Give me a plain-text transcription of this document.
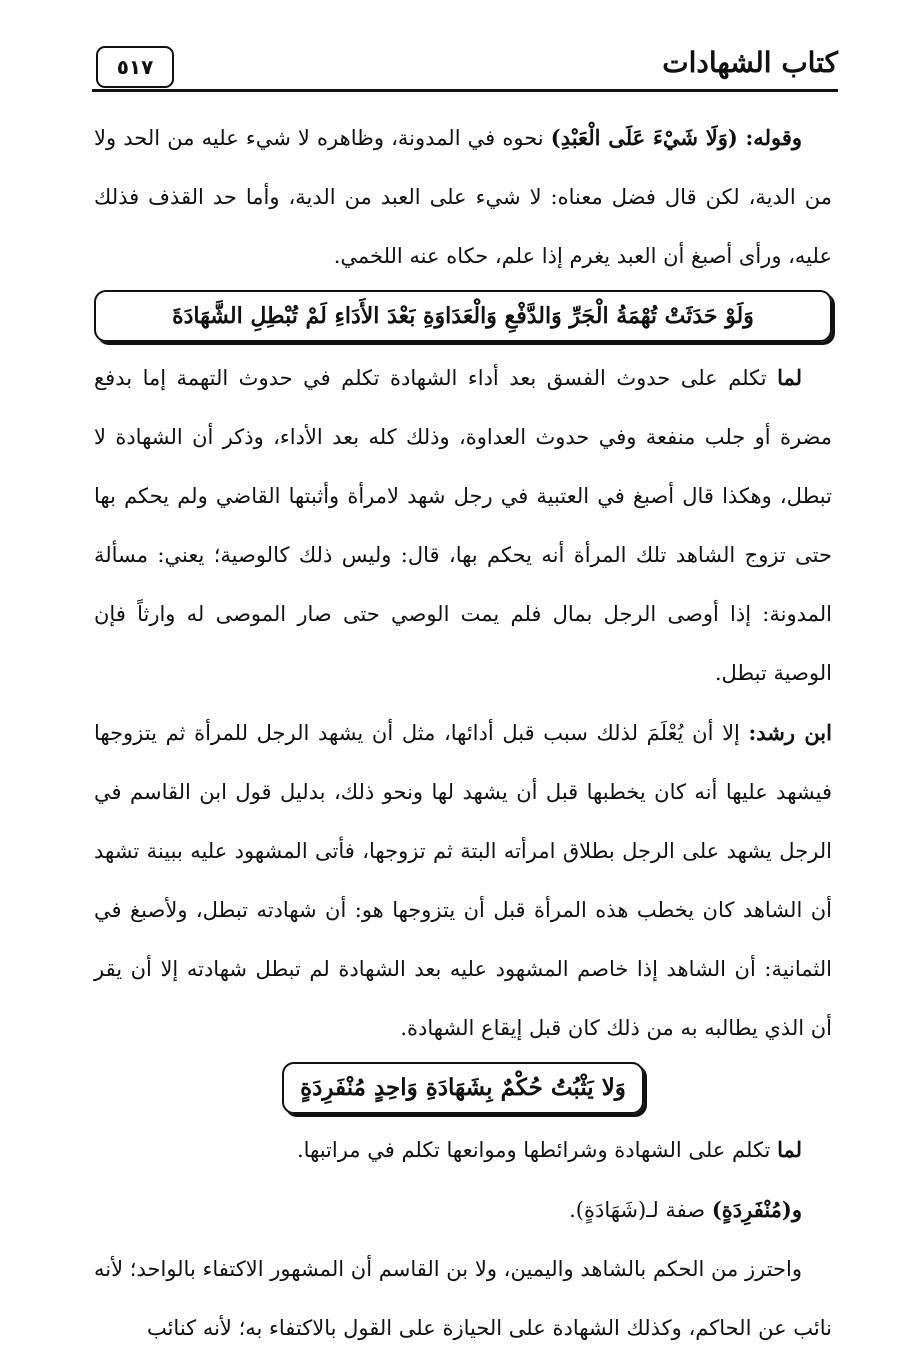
كتاب الشهادات
٥١٧

وقوله: (وَلَا شَيْءَ عَلَى الْعَبْدِ) نحوه في المدونة، وظاهره لا شيء عليه من الحد ولا من الدية، لكن قال فضل معناه: لا شيء على العبد من الدية، وأما حد القذف فذلك عليه، ورأى أصبغ أن العبد يغرم إذا علم، حكاه عنه اللخمي.

وَلَوْ حَدَثَتْ تُهْمَةُ الْجَرِّ وَالدَّفْعِ وَالْعَدَاوَةِ بَعْدَ الأَدَاءِ لَمْ تُبْطِلِ الشَّهَادَةَ

لما تكلم على حدوث الفسق بعد أداء الشهادة تكلم في حدوث التهمة إما بدفع مضرة أو جلب منفعة وفي حدوث العداوة، وذلك كله بعد الأداء، وذكر أن الشهادة لا تبطل، وهكذا قال أصبغ في العتبية في رجل شهد لامرأة وأثبتها القاضي ولم يحكم بها حتى تزوج الشاهد تلك المرأة أنه يحكم بها، قال: وليس ذلك كالوصية؛ يعني: مسألة المدونة: إذا أوصى الرجل بمال فلم يمت الوصي حتى صار الموصى له وارثاً فإن الوصية تبطل.

ابن رشد: إلا أن يُعْلَمَ لذلك سبب قبل أدائها، مثل أن يشهد الرجل للمرأة ثم يتزوجها فيشهد عليها أنه كان يخطبها قبل أن يشهد لها ونحو ذلك، بدليل قول ابن القاسم في الرجل يشهد على الرجل بطلاق امرأته البتة ثم تزوجها، فأتى المشهود عليه ببينة تشهد أن الشاهد كان يخطب هذه المرأة قبل أن يتزوجها هو: أن شهادته تبطل، ولأصبغ في الثمانية: أن الشاهد إذا خاصم المشهود عليه بعد الشهادة لم تبطل شهادته إلا أن يقر أن الذي يطالبه به من ذلك كان قبل إيقاع الشهادة.

وَلا يَثْبُتُ حُكْمٌ بِشَهَادَةِ وَاحِدٍ مُنْفَرِدَةٍ

لما تكلم على الشهادة وشرائطها وموانعها تكلم في مراتبها.

و(مُنْفَرِدَةٍ) صفة لـ(شَهَادَةٍ).

واحترز من الحكم بالشاهد واليمين، ولا بن القاسم أن المشهور الاكتفاء بالواحد؛ لأنه نائب عن الحاكم، وكذلك الشهادة على الحيازة على القول بالاكتفاء به؛ لأنه كنائب
